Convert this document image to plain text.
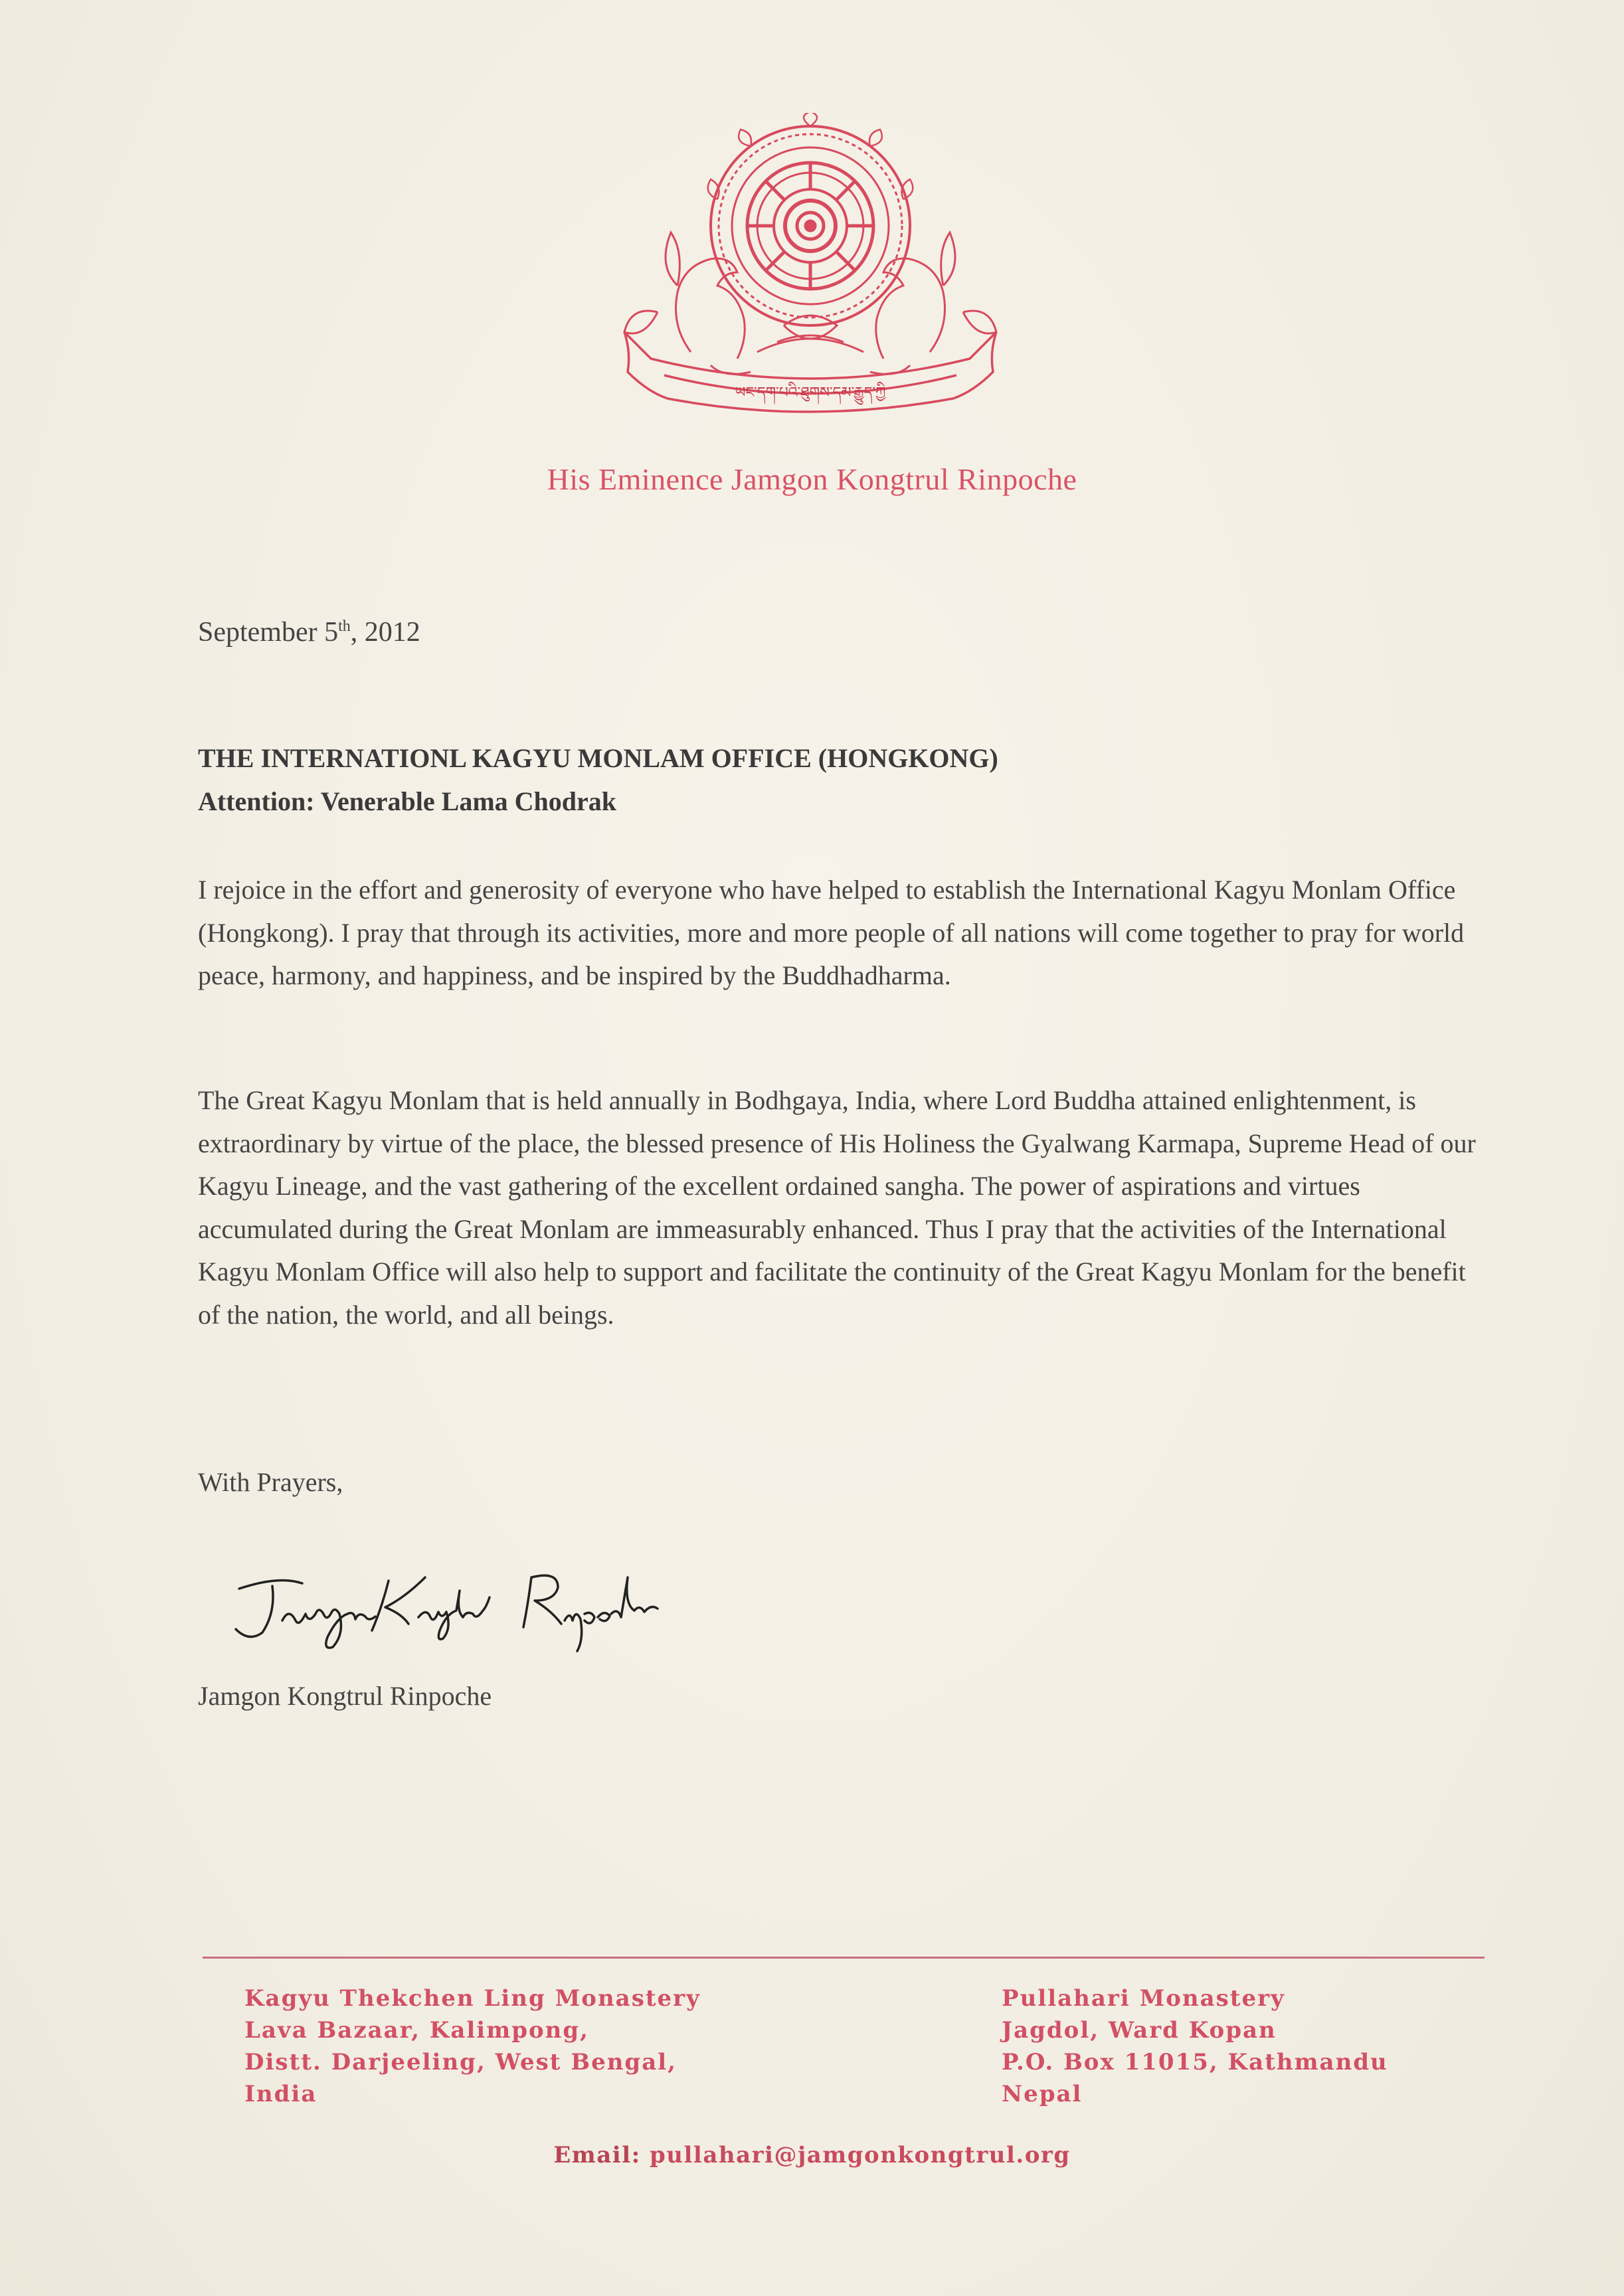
ཡང་དག་པའི་ཐུགས་དམ་རྒྱུད་ཀྱི
His Eminence Jamgon Kongtrul Rinpoche
September 5th, 2012
THE INTERNATIONL KAGYU MONLAM OFFICE (HONGKONG)
Attention: Venerable Lama Chodrak
I rejoice in the effort and generosity of everyone who have helped to establish the International Kagyu Monlam Office (Hongkong). I pray that through its activities, more and more people of all nations will come together to pray for world peace, harmony, and happiness, and be inspired by the Buddhadharma.
The Great Kagyu Monlam that is held annually in Bodhgaya, India, where Lord Buddha attained enlightenment, is extraordinary by virtue of the place, the blessed presence of His Holiness the Gyalwang Karmapa, Supreme Head of our Kagyu Lineage, and the vast gathering of the excellent ordained sangha. The power of aspirations and virtues accumulated during the Great Monlam are immeasurably enhanced. Thus I pray that the activities of the International Kagyu Monlam Office will also help to support and facilitate the continuity of the Great Kagyu Monlam for the benefit of the nation, the world, and all beings.
With Prayers,
Jamgon Kongtrul Rinpoche
Kagyu Thekchen Ling Monastery
Lava Bazaar, Kalimpong,
Distt. Darjeeling, West Bengal,
India
Pullahari Monastery
Jagdol, Ward Kopan
P.O. Box 11015, Kathmandu
Nepal
Email: pullahari@jamgonkongtrul.org
